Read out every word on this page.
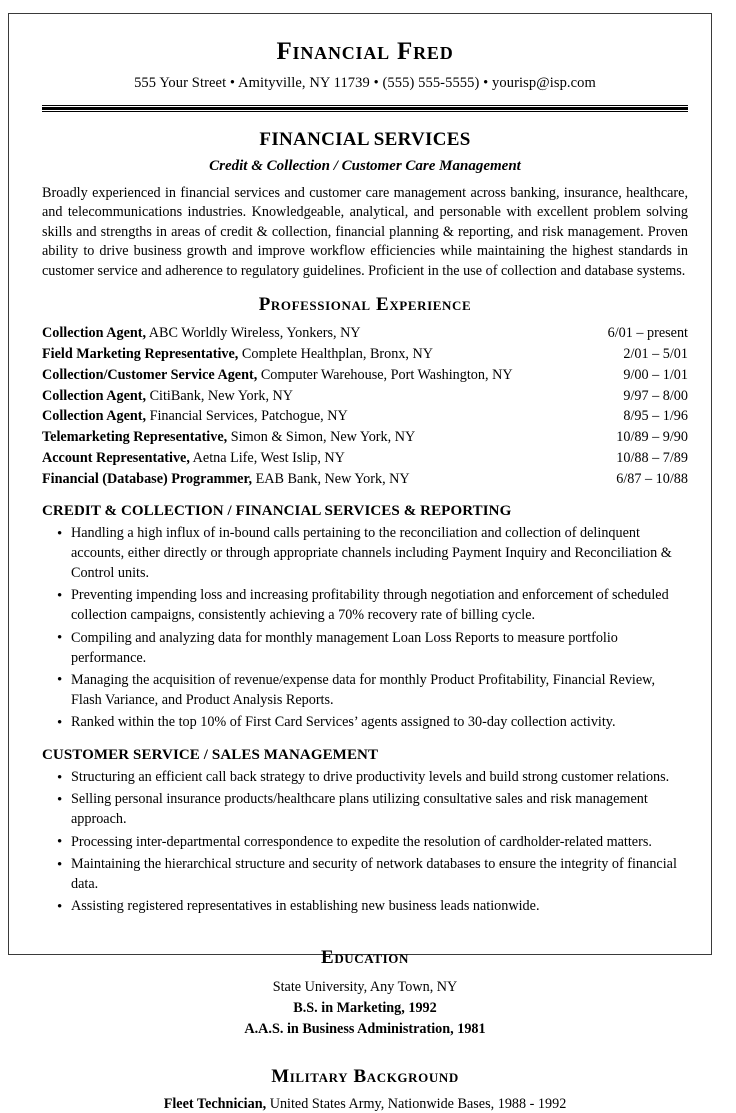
Financial Fred
555 Your Street • Amityville, NY 11739 • (555) 555-5555) • yourisp@isp.com
FINANCIAL SERVICES
Credit & Collection / Customer Care Management
Broadly experienced in financial services and customer care management across banking, insurance, healthcare, and telecommunications industries. Knowledgeable, analytical, and personable with excellent problem solving skills and strengths in areas of credit & collection, financial planning & reporting, and risk management. Proven ability to drive business growth and improve workflow efficiencies while maintaining the highest standards in customer service and adherence to regulatory guidelines. Proficient in the use of collection and database systems.
Professional Experience
Collection Agent, ABC Worldly Wireless, Yonkers, NY	6/01 – present
Field Marketing Representative, Complete Healthplan, Bronx, NY	2/01 – 5/01
Collection/Customer Service Agent, Computer Warehouse, Port Washington, NY	9/00 – 1/01
Collection Agent, CitiBank, New York, NY	9/97 – 8/00
Collection Agent, Financial Services, Patchogue, NY	8/95 – 1/96
Telemarketing Representative, Simon & Simon, New York, NY	10/89 – 9/90
Account Representative, Aetna Life, West Islip, NY	10/88 – 7/89
Financial (Database) Programmer, EAB Bank, New York, NY	6/87 – 10/88
CREDIT & COLLECTION / FINANCIAL SERVICES & REPORTING
• Handling a high influx of in-bound calls pertaining to the reconciliation and collection of delinquent accounts, either directly or through appropriate channels including Payment Inquiry and Reconciliation & Control units.
• Preventing impending loss and increasing profitability through negotiation and enforcement of scheduled collection campaigns, consistently achieving a 70% recovery rate of billing cycle.
• Compiling and analyzing data for monthly management Loan Loss Reports to measure portfolio performance.
• Managing the acquisition of revenue/expense data for monthly Product Profitability, Financial Review, Flash Variance, and Product Analysis Reports.
• Ranked within the top 10% of First Card Services’ agents assigned to 30-day collection activity.
CUSTOMER SERVICE / SALES MANAGEMENT
• Structuring an efficient call back strategy to drive productivity levels and build strong customer relations.
• Selling personal insurance products/healthcare plans utilizing consultative sales and risk management approach.
• Processing inter-departmental correspondence to expedite the resolution of cardholder-related matters.
• Maintaining the hierarchical structure and security of network databases to ensure the integrity of financial data.
• Assisting registered representatives in establishing new business leads nationwide.
Education
State University, Any Town, NY
B.S. in Marketing, 1992
A.A.S. in Business Administration, 1981
Military Background
Fleet Technician, United States Army, Nationwide Bases, 1988 - 1992
